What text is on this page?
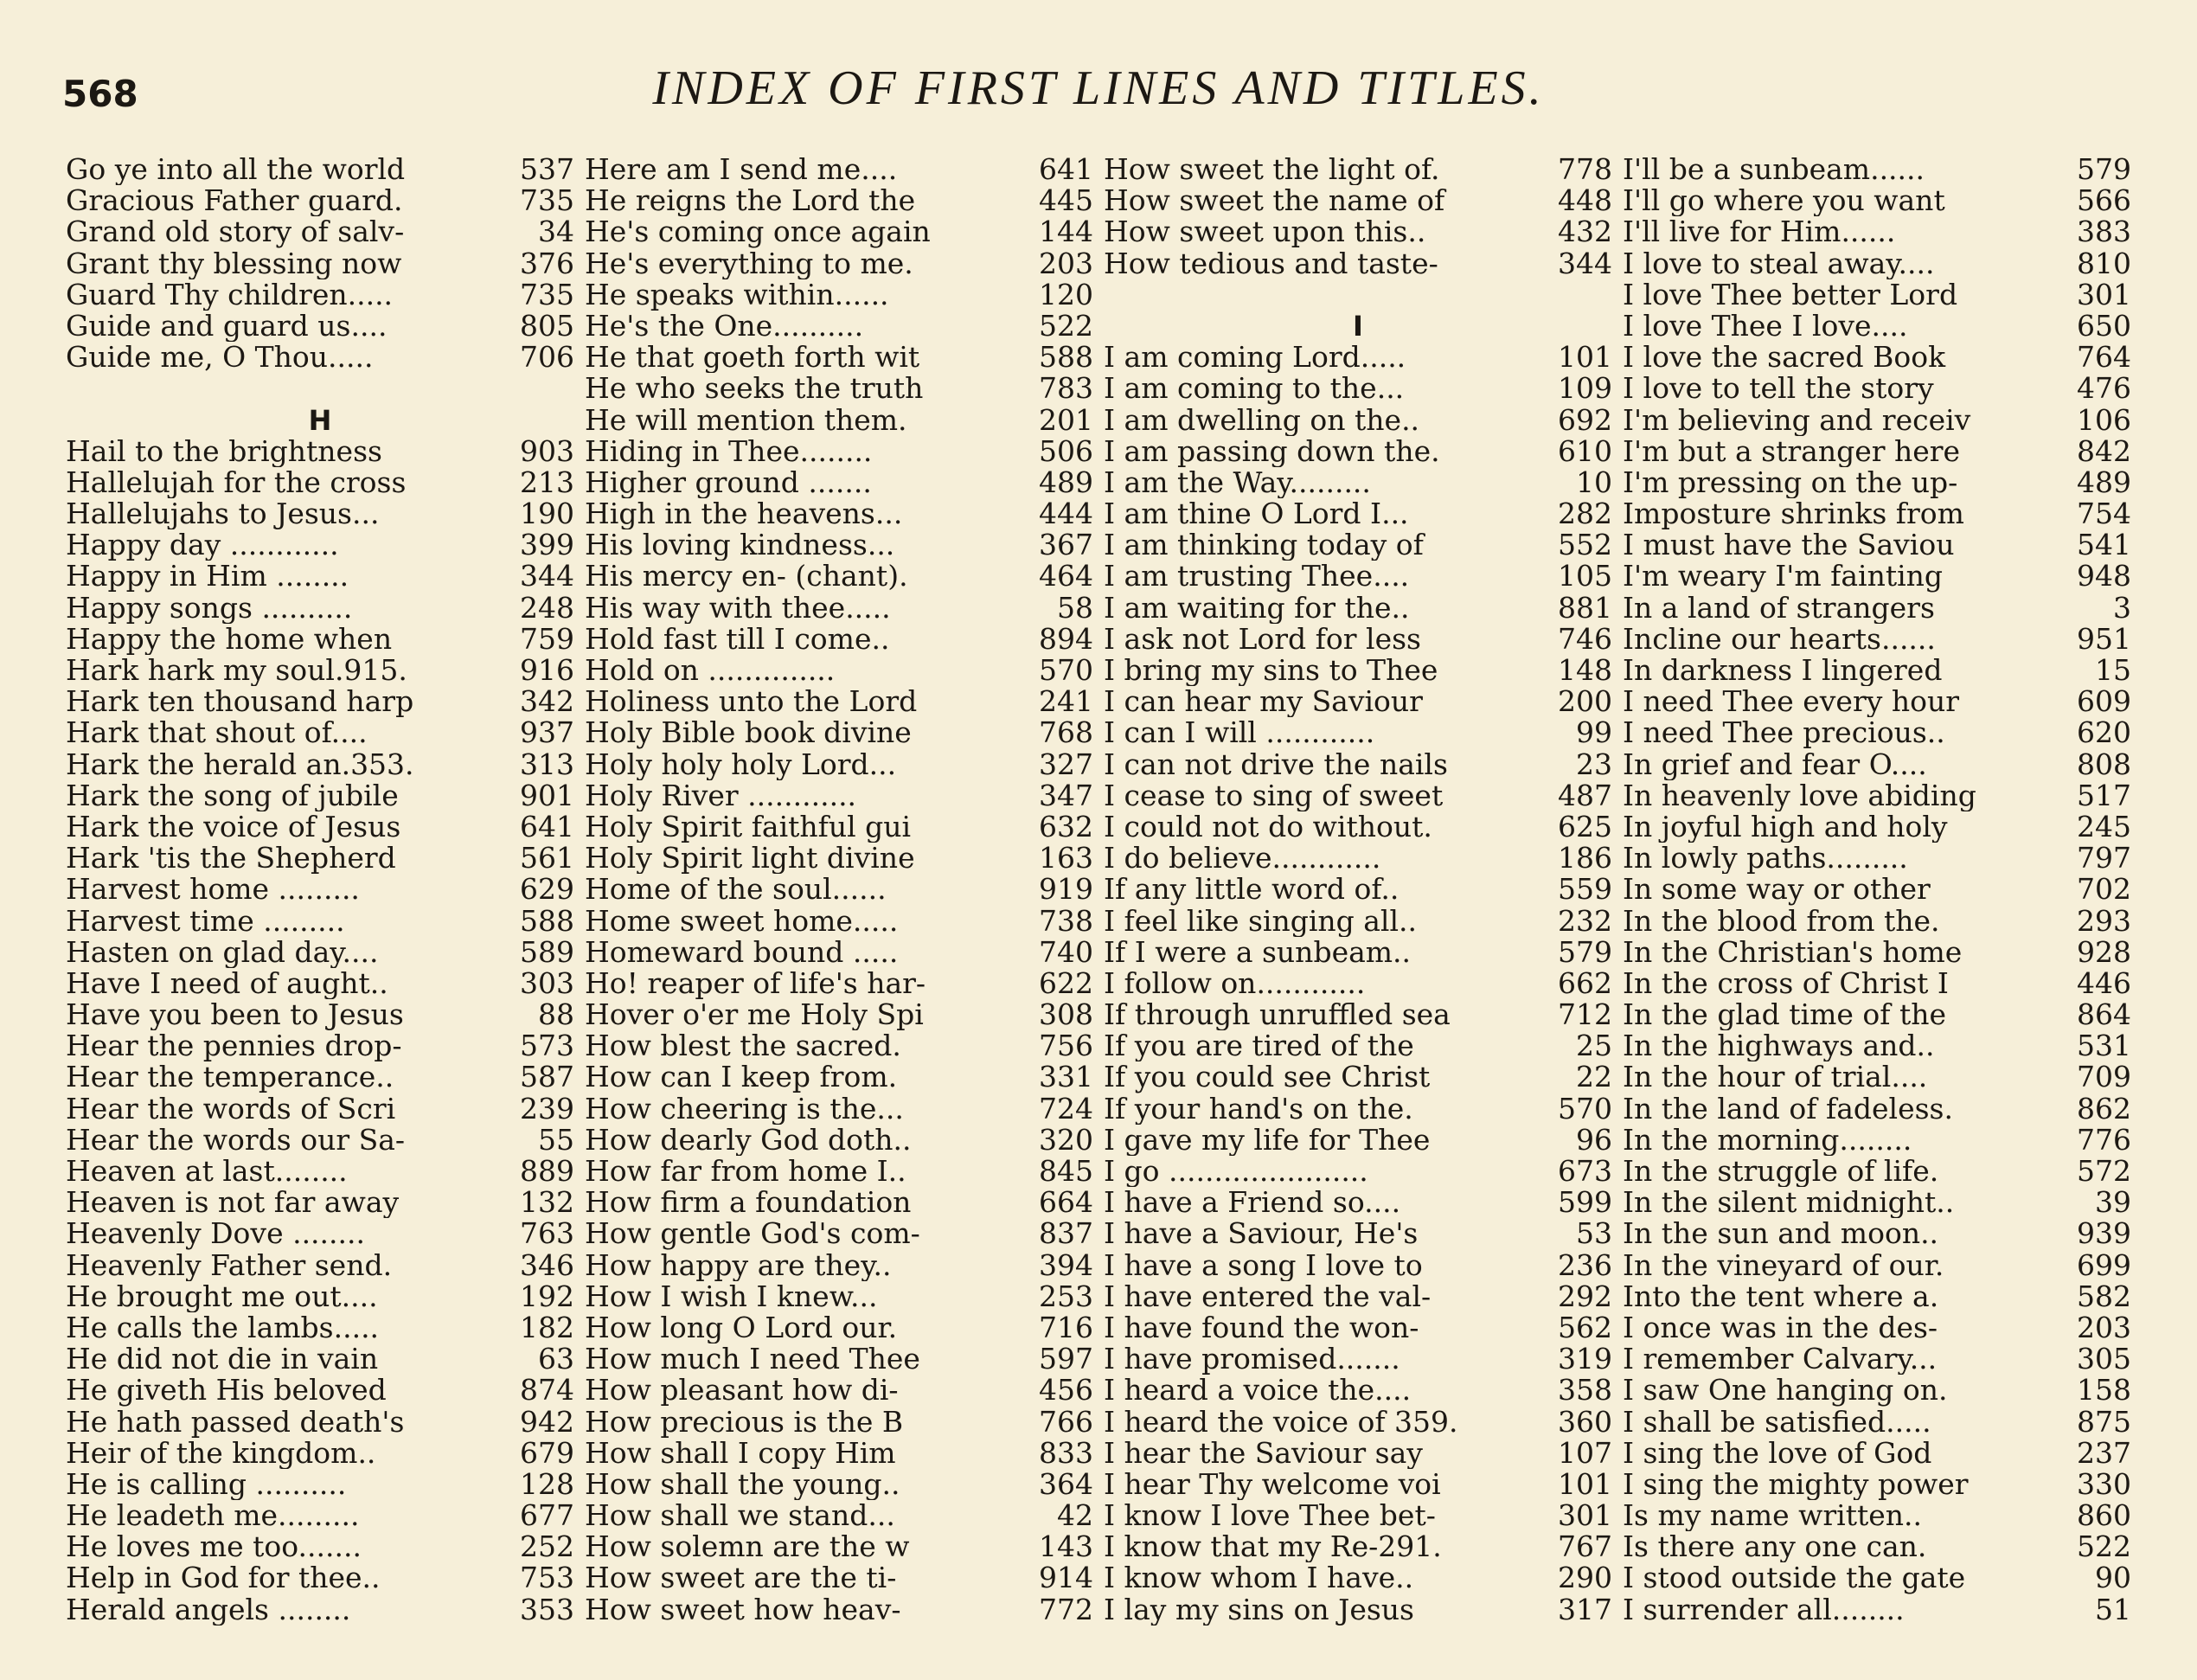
568	INDEX OF FIRST LINES AND TITLES.
Go ye into all the world	537
Gracious Father guard.	735
Grand old story of salv-	34
Grant thy blessing now	376
Guard Thy children.....	735
Guide and guard us....	805
Guide me, O Thou.....	706
H
Hail to the brightness	903
Hallelujah for the cross	213
Hallelujahs to Jesus...	190
Happy day ............	399
Happy in Him ........	344
Happy songs ..........	248
Happy the home when	759
Hark hark my soul.915.	916
Hark ten thousand harp	342
Hark that shout of....	937
Hark the herald an.353.	313
Hark the song of jubile	901
Hark the voice of Jesus	641
Hark 'tis the Shepherd	561
Harvest home .........	629
Harvest time .........	588
Hasten on glad day....	589
Have I need of aught..	303
Have you been to Jesus	88
Hear the pennies drop-	573
Hear the temperance..	587
Hear the words of Scri	239
Hear the words our Sa-	55
Heaven at last........	889
Heaven is not far away	132
Heavenly Dove ........	763
Heavenly Father send.	346
He brought me out....	192
He calls the lambs.....	182
He did not die in vain	63
He giveth His beloved	874
He hath passed death's	942
Heir of the kingdom..	679
He is calling ..........	128
He leadeth me.........	677
He loves me too.......	252
Help in God for thee..	753
Herald angels ........	353
Here am I send me....	641
He reigns the Lord the	445
He's coming once again	144
He's everything to me.	203
He speaks within......	120
He's the One..........	522
He that goeth forth wit	588
He who seeks the truth	783
He will mention them.	201
Hiding in Thee........	506
Higher ground .......	489
High in the heavens...	444
His loving kindness...	367
His mercy en- (chant).	464
His way with thee.....	58
Hold fast till I come..	894
Hold on ..............	570
Holiness unto the Lord	241
Holy Bible book divine	768
Holy holy holy Lord...	327
Holy River ............	347
Holy Spirit faithful gui	632
Holy Spirit light divine	163
Home of the soul......	919
Home sweet home.....	738
Homeward bound .....	740
Ho! reaper of life's har-	622
Hover o'er me Holy Spi	308
How blest the sacred.	756
How can I keep from.	331
How cheering is the...	724
How dearly God doth..	320
How far from home I..	845
How firm a foundation	664
How gentle God's com-	837
How happy are they..	394
How I wish I knew...	253
How long O Lord our.	716
How much I need Thee	597
How pleasant how di-	456
How precious is the B	766
How shall I copy Him	833
How shall the young..	364
How shall we stand...	42
How solemn are the w	143
How sweet are the ti-	914
How sweet how heav-	772
How sweet the light of.	778
How sweet the name of	448
How sweet upon this..	432
How tedious and taste-	344
I
I am coming Lord.....	101
I am coming to the...	109
I am dwelling on the..	692
I am passing down the.	610
I am the Way.........	10
I am thine O Lord I...	282
I am thinking today of	552
I am trusting Thee....	105
I am waiting for the..	881
I ask not Lord for less	746
I bring my sins to Thee	148
I can hear my Saviour	200
I can I will ............	99
I can not drive the nails	23
I cease to sing of sweet	487
I could not do without.	625
I do believe............	186
If any little word of..	559
I feel like singing all..	232
If I were a sunbeam..	579
I follow on............	662
If through unruffled sea	712
If you are tired of the	25
If you could see Christ	22
If your hand's on the.	570
I gave my life for Thee	96
I go ......................	673
I have a Friend so....	599
I have a Saviour, He's	53
I have a song I love to	236
I have entered the val-	292
I have found the won-	562
I have promised.......	319
I heard a voice the....	358
I heard the voice of 359.	360
I hear the Saviour say	107
I hear Thy welcome voi	101
I know I love Thee bet-	301
I know that my Re-291.	767
I know whom I have..	290
I lay my sins on Jesus	317
I'll be a sunbeam......	579
I'll go where you want	566
I'll live for Him......	383
I love to steal away....	810
I love Thee better Lord	301
I love Thee I love....	650
I love the sacred Book	764
I love to tell the story	476
I'm believing and receiv	106
I'm but a stranger here	842
I'm pressing on the up-	489
Imposture shrinks from	754
I must have the Saviou	541
I'm weary I'm fainting	948
In a land of strangers	3
Incline our hearts......	951
In darkness I lingered	15
I need Thee every hour	609
I need Thee precious..	620
In grief and fear O....	808
In heavenly love abiding	517
In joyful high and holy	245
In lowly paths.........	797
In some way or other	702
In the blood from the.	293
In the Christian's home	928
In the cross of Christ I	446
In the glad time of the	864
In the highways and..	531
In the hour of trial....	709
In the land of fadeless.	862
In the morning........	776
In the struggle of life.	572
In the silent midnight..	39
In the sun and moon..	939
In the vineyard of our.	699
Into the tent where a.	582
I once was in the des-	203
I remember Calvary...	305
I saw One hanging on.	158
I shall be satisfied.....	875
I sing the love of God	237
I sing the mighty power	330
Is my name written..	860
Is there any one can.	522
I stood outside the gate	90
I surrender all........	51
